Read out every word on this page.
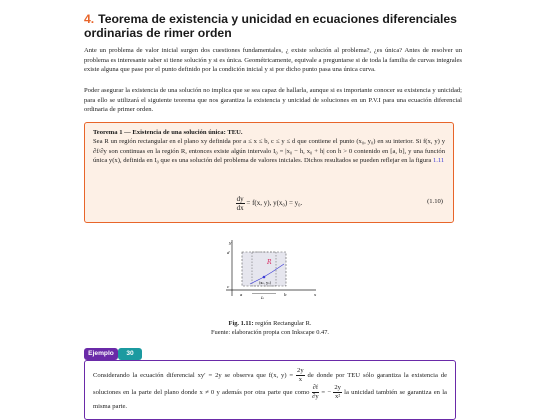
4. Teorema de existencia y unicidad en ecuaciones diferenciales ordinarias de rimer orden

Ante un problema de valor inicial surgen dos cuestiones fundamentales, ¿ existe solución al problema?, ¿es única? Antes de resolver un problema es interesante saber si tiene solución y si es única. Geométricamente, equivale a preguntarse si de toda la familia de curvas integrales existe alguna que pase por el punto definido por la condición inicial y si por dicho punto pasa una única curva.

Poder asegurar la existencia de una solución no implica que se sea capaz de hallarla, aunque si es importante conocer su existencia y unicidad; para ello se utilizará el siguiente teorema que nos garantiza la existencia y unicidad de soluciones en un P.V.I para una ecuación diferencial ordinaria de primer orden.

Teorema 1 — Existencia de una solución única: TEU.
Sea R un región rectangular en el plano xy definida por a ≤ x ≤ b, c ≤ y ≤ d que contiene el punto (x₀, y₀) en su interior. Si f(x, y) y ∂f/∂y son continuas en la región R, entonces existe algún intervalo I₀ = |x₀ − h, x₀ + h| con h > 0 contenido en [a, b], y una función única y(x), definida en I₀ que es una solución del problema de valores iniciales. Dichos resultados se pueden reflejar en la figura 1.11
$\frac{dy}{dx} = f(x$, y), y(x₀) = y₀.	(1.10)
R
(x₀, y₀)
y
x
d
c
a	b
I₀
Fig. 1.11: región Rectangular R.
Fuente: elaboración propia con Inkscape 0.47.
Ejemplo	30
Considerando la ecuación diferencial xy′ = 2y se observa que f(x, $y) = \frac{2y}{x}$ de donde por TEU sólo garantiza la existencia de soluciones en la parte del plano donde x ≠ 0 y además por otra parte que como $\frac{\partial f}{\partial y}$ = − $\frac{2y}{\text{x²}}$ la unicidad también se garantiza en la misma parte.
